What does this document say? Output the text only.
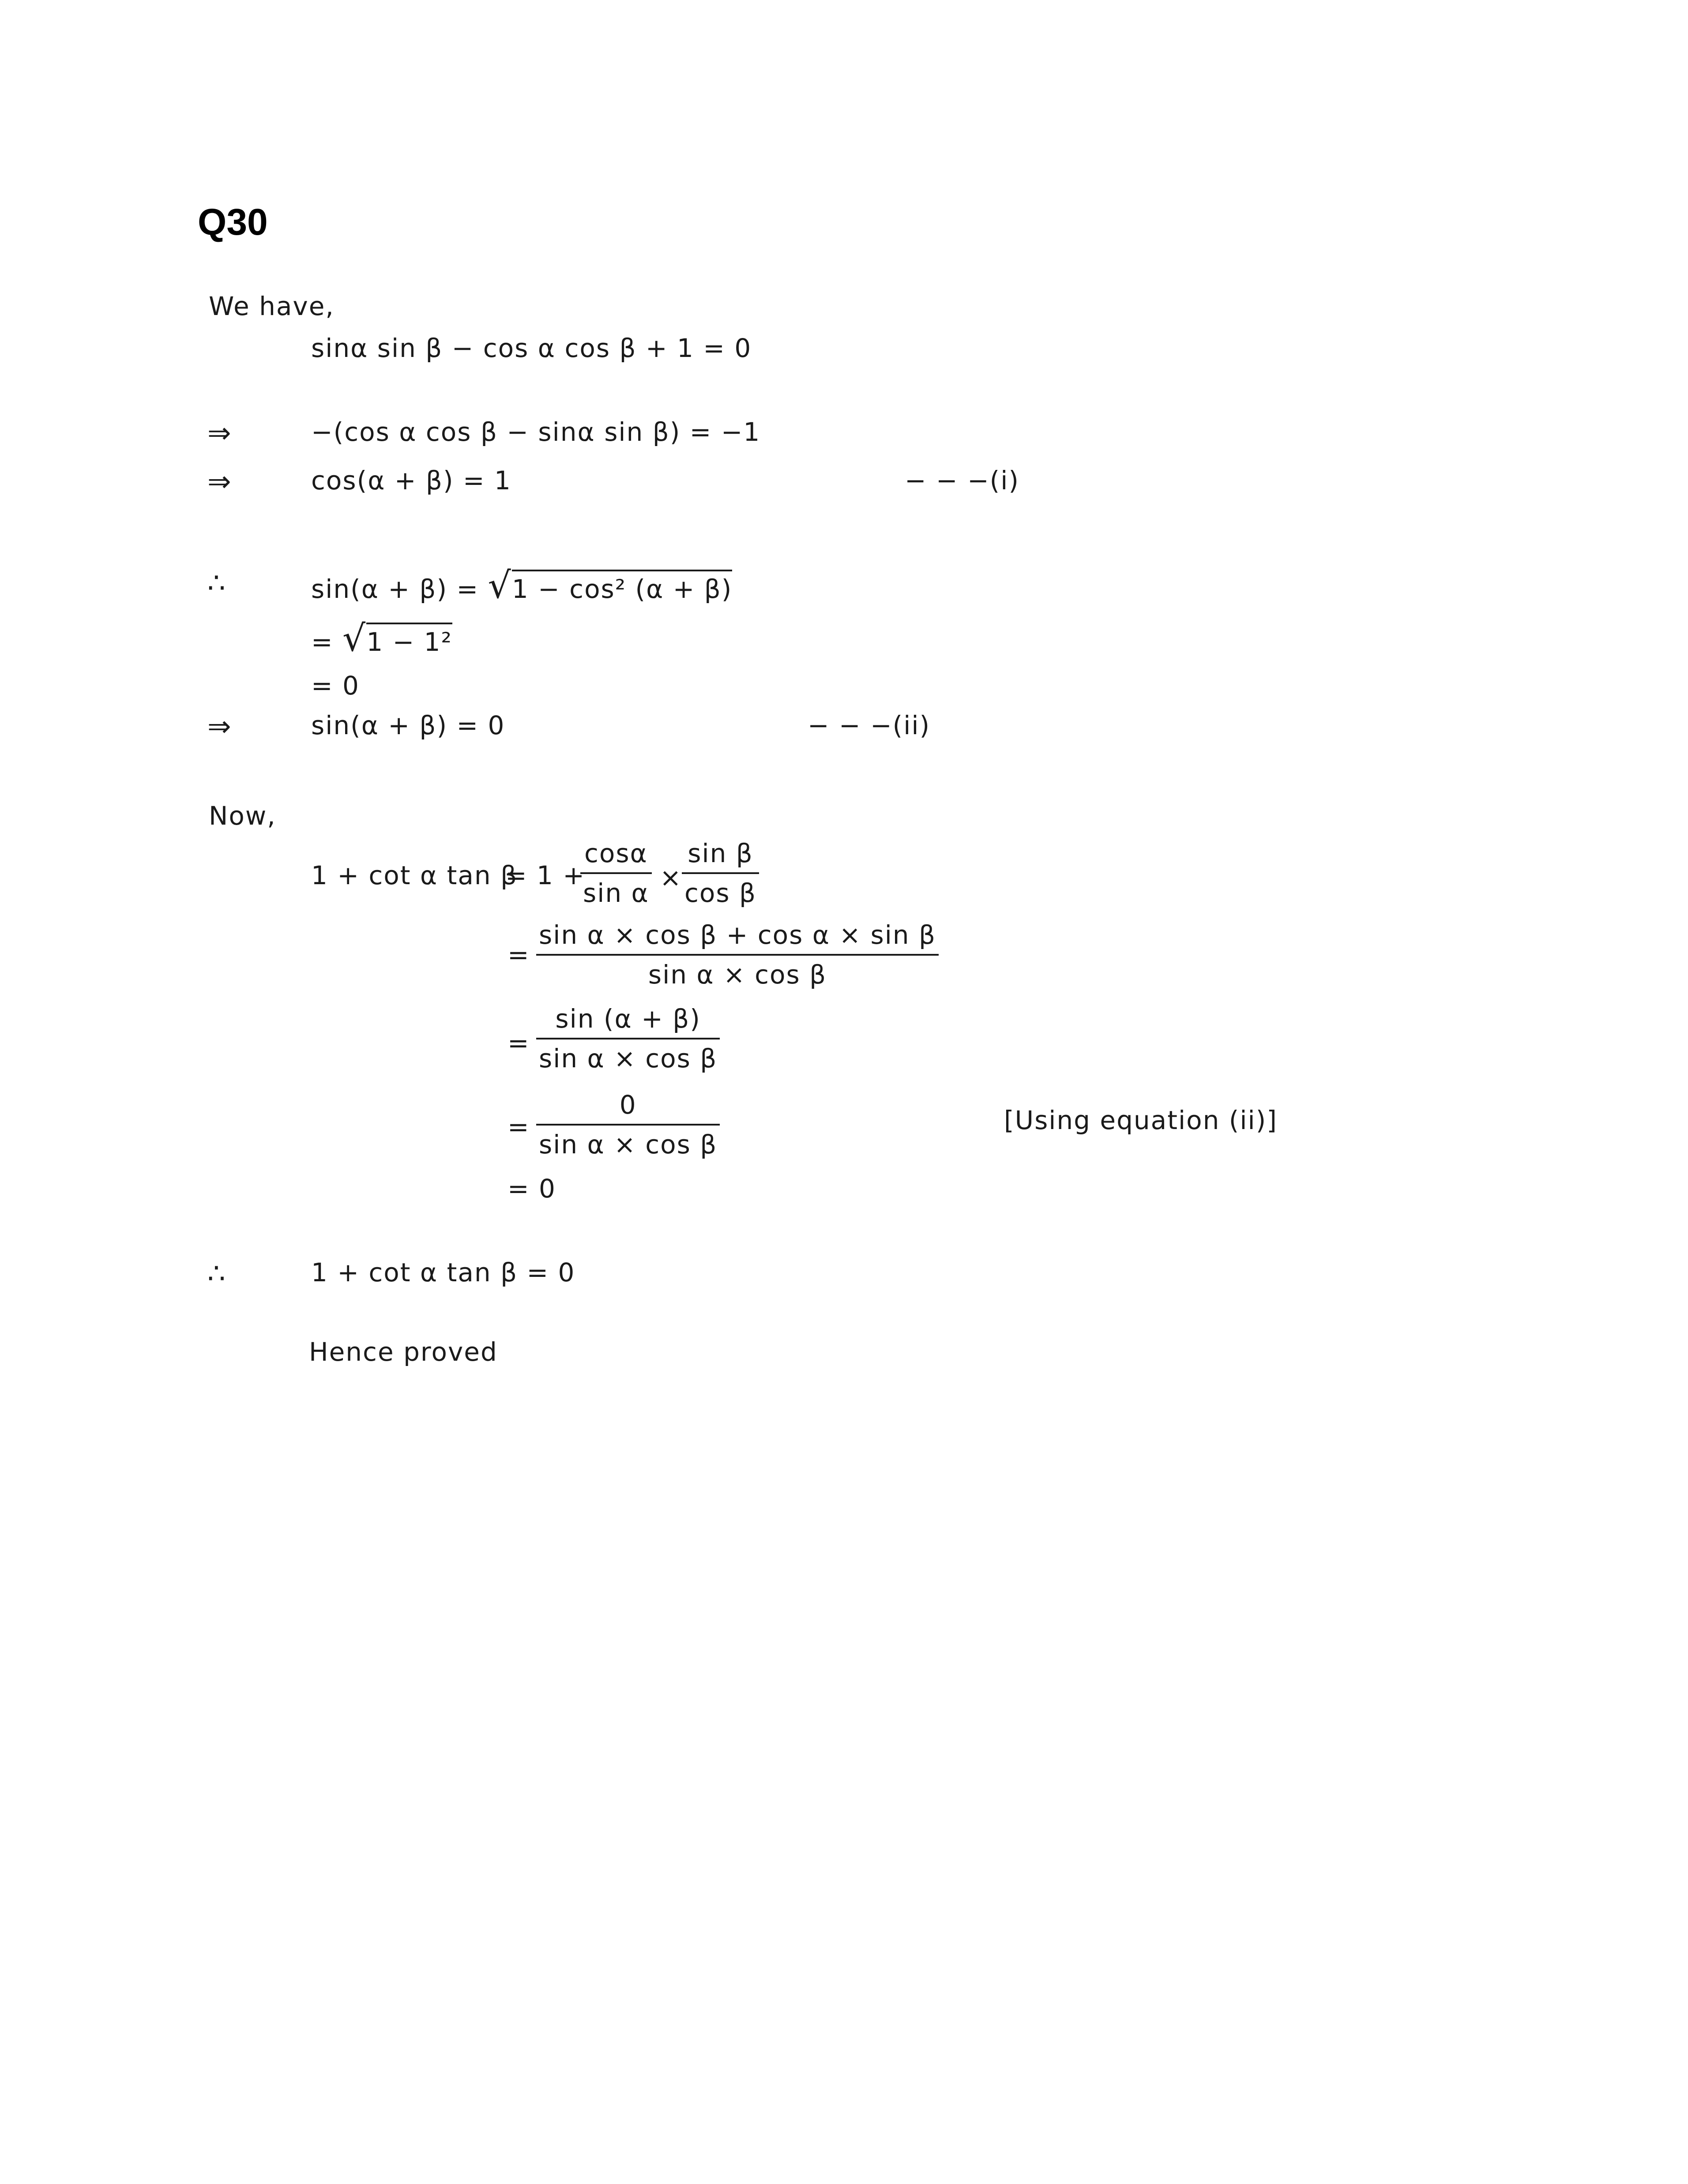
Q30
We have,
sinα sin β − cos α cos β + 1 = 0
⇒	−(cos α cos β − sinα sin β) = −1
⇒	cos(α + β) = 1	− − −(i)
∴	sin(α + β) = √1 − cos² (α + β)
= √1 − 1²
= 0
⇒	sin(α + β) = 0	− − −(ii)
Now,
1 + cot α tan β
= 1 +
cosα
sin α
×
sin β
cos β
=
sin α × cos β + cos α × sin β
sin α × cos β
=
sin (α + β)
sin α × cos β
=
0
sin α × cos β
[Using equation (ii)]
= 0
∴	1 + cot α tan β = 0
Hence proved
